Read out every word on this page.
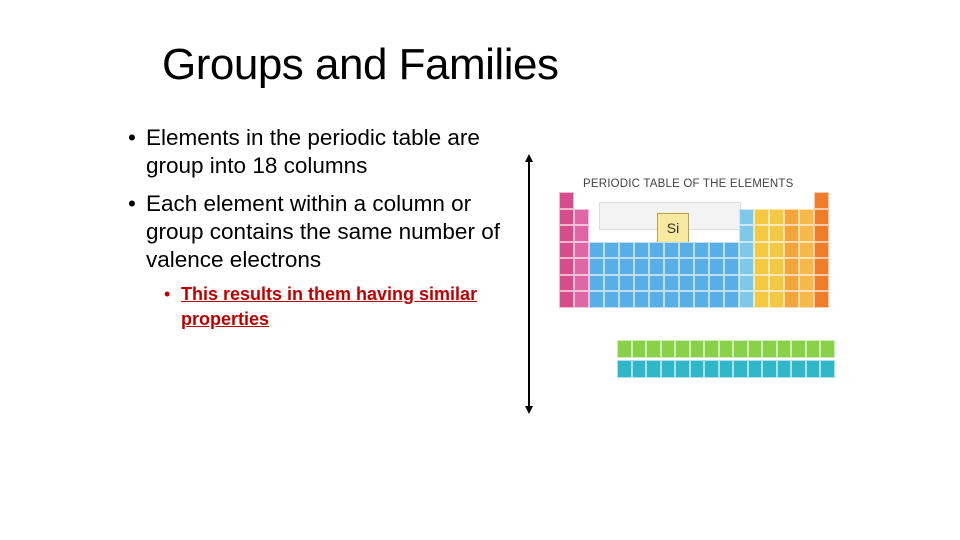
Groups and Families
• Elements in the periodic table are group into 18 columns
• Each element within a column or group contains the same number of valence electrons
• This results in them having similar properties
PERIODIC TABLE OF THE ELEMENTS
Si
